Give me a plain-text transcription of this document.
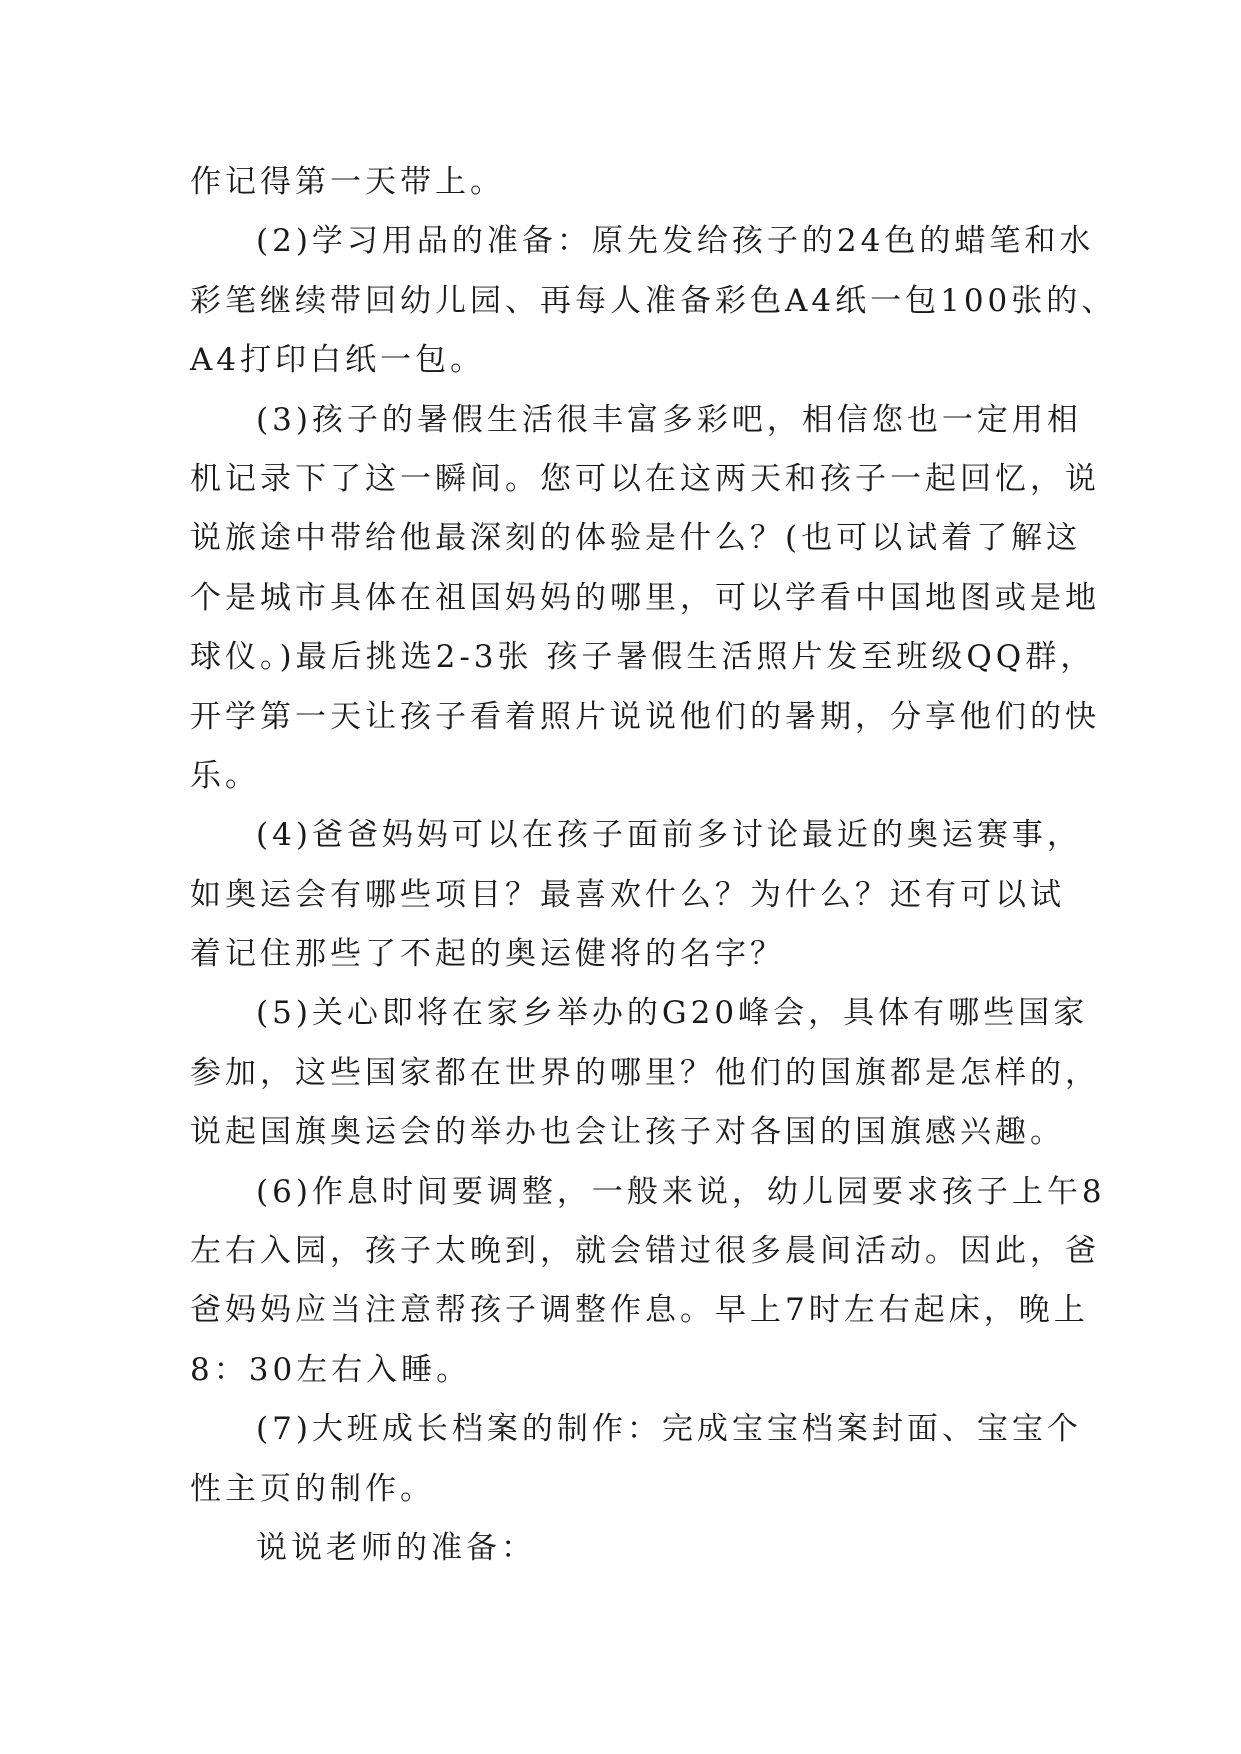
作记得第一天带上。

(2)学习用品的准备：原先发给孩子的24色的蜡笔和水

彩笔继续带回幼儿园、再每人准备彩色A4纸一包100张的、

A4打印白纸一包。

(3)孩子的暑假生活很丰富多彩吧，相信您也一定用相

机记录下了这一瞬间。您可以在这两天和孩子一起回忆，说

说旅途中带给他最深刻的体验是什么？(也可以试着了解这

个是城市具体在祖国妈妈的哪里，可以学看中国地图或是地

球仪。)最后挑选2-3张 孩子暑假生活照片发至班级QQ群，

开学第一天让孩子看着照片说说他们的暑期，分享他们的快

乐。

(4)爸爸妈妈可以在孩子面前多讨论最近的奥运赛事，

如奥运会有哪些项目？最喜欢什么？为什么？还有可以试

着记住那些了不起的奥运健将的名字？

(5)关心即将在家乡举办的G20峰会，具体有哪些国家

参加，这些国家都在世界的哪里？他们的国旗都是怎样的，

说起国旗奥运会的举办也会让孩子对各国的国旗感兴趣。

(6)作息时间要调整，一般来说，幼儿园要求孩子上午8

左右入园，孩子太晚到，就会错过很多晨间活动。因此，爸

爸妈妈应当注意帮孩子调整作息。早上7时左右起床，晚上

8：30左右入睡。

(7)大班成长档案的制作：完成宝宝档案封面、宝宝个

性主页的制作。

说说老师的准备：
